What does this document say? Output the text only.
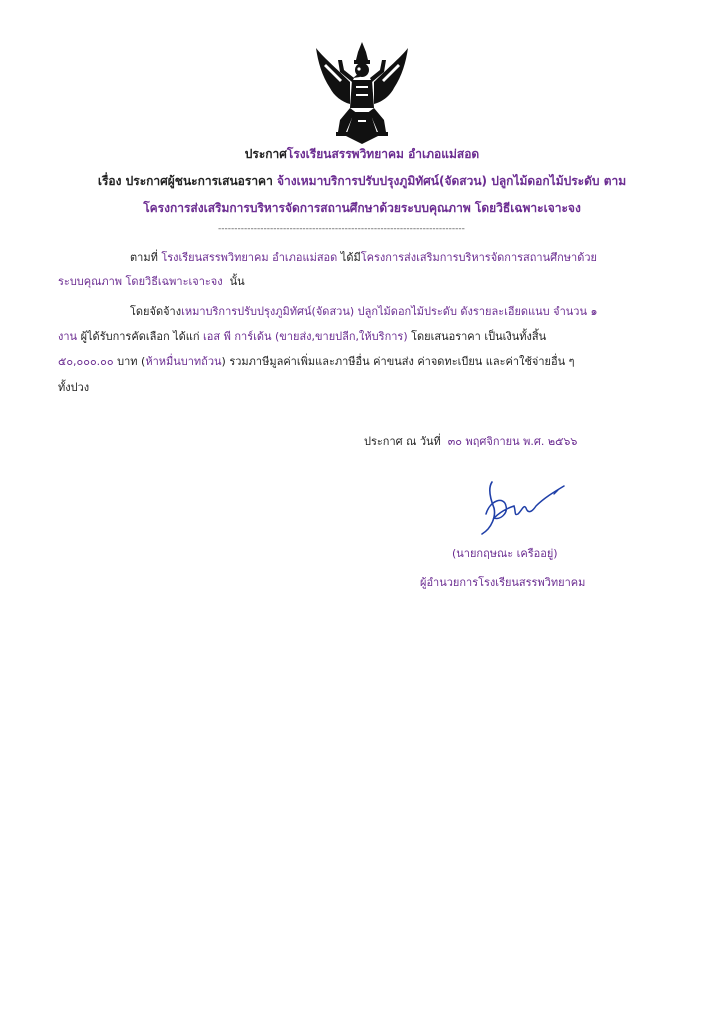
ประกาศโรงเรียนสรรพวิทยาคม อำเภอแม่สอด
เรื่อง ประกาศผู้ชนะการเสนอราคา จ้างเหมาบริการปรับปรุงภูมิทัศน์(จัดสวน) ปลูกไม้ดอกไม้ประดับ ตาม
โครงการส่งเสริมการบริหารจัดการสถานศึกษาด้วยระบบคุณภาพ โดยวิธีเฉพาะเจาะจง
----------------------------------------------------------------------------
ตามที่ โรงเรียนสรรพวิทยาคม อำเภอแม่สอด ได้มีโครงการส่งเสริมการบริหารจัดการสถานศึกษาด้วย
ระบบคุณภาพ โดยวิธีเฉพาะเจาะจง นั้น
โดยจัดจ้างเหมาบริการปรับปรุงภูมิทัศน์(จัดสวน) ปลูกไม้ดอกไม้ประดับ ดังรายละเอียดแนบ จำนวน ๑
งาน ผู้ได้รับการคัดเลือก ได้แก่ เอส พี การ์เด้น (ขายส่ง,ขายปลีก,ให้บริการ) โดยเสนอราคา เป็นเงินทั้งสิ้น
๕๐,๐๐๐.๐๐ บาท (ห้าหมื่นบาทถ้วน) รวมภาษีมูลค่าเพิ่มและภาษีอื่น ค่าขนส่ง ค่าจดทะเบียน และค่าใช้จ่ายอื่น ๆ
ทั้งปวง
ประกาศ ณ วันที่ ๓๐ พฤศจิกายน พ.ศ. ๒๕๖๖
(นายกฤษณะ เครืออยู่)
ผู้อำนวยการโรงเรียนสรรพวิทยาคม
